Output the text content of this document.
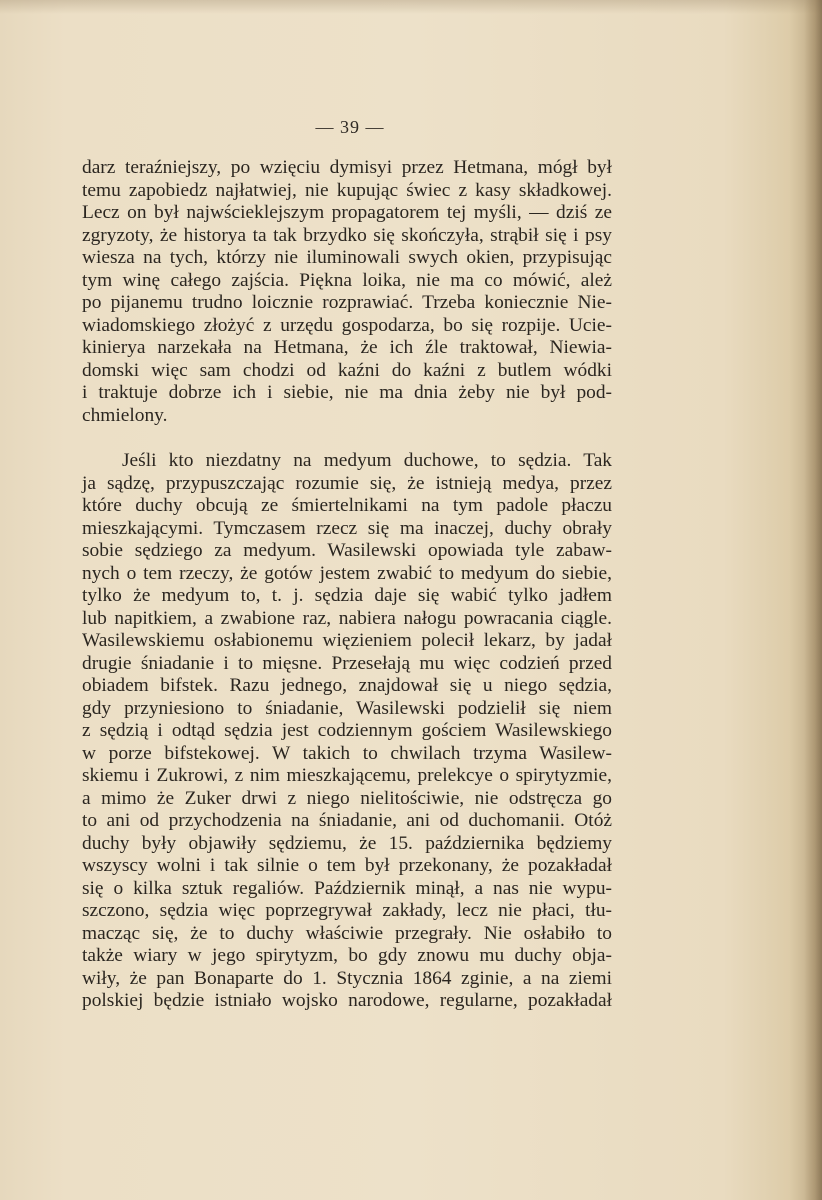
— 39 —
darz teraźniejszy, po wzięciu dymisyi przez Hetmana, mógł był
temu zapobiedz najłatwiej, nie kupując świec z kasy składkowej.
Lecz on był najwścieklejszym propagatorem tej myśli, — dziś ze
zgryzoty, że historya ta tak brzydko się skończyła, strąbił się i psy
wiesza na tych, którzy nie iluminowali swych okien, przypisując
tym winę całego zajścia. Piękna loika, nie ma co mówić, ależ
po pijanemu trudno loicznie rozprawiać. Trzeba koniecznie Nie-
wiadomskiego złożyć z urzędu gospodarza, bo się rozpije. Ucie-
kinierya narzekała na Hetmana, że ich źle traktował, Niewia-
domski więc sam chodzi od kaźni do kaźni z butlem wódki
i traktuje dobrze ich i siebie, nie ma dnia żeby nie był pod-
chmielony.
Jeśli kto niezdatny na medyum duchowe, to sędzia. Tak
ja sądzę, przypuszczając rozumie się, że istnieją medya, przez
które duchy obcują ze śmiertelnikami na tym padole płaczu
mieszkającymi. Tymczasem rzecz się ma inaczej, duchy obrały
sobie sędziego za medyum. Wasilewski opowiada tyle zabaw-
nych o tem rzeczy, że gotów jestem zwabić to medyum do siebie,
tylko że medyum to, t. j. sędzia daje się wabić tylko jadłem
lub napitkiem, a zwabione raz, nabiera nałogu powracania ciągle.
Wasilewskiemu osłabionemu więzieniem polecił lekarz, by jadał
drugie śniadanie i to mięsne. Przesełają mu więc codzień przed
obiadem bifstek. Razu jednego, znajdował się u niego sędzia,
gdy przyniesiono to śniadanie, Wasilewski podzielił się niem
z sędzią i odtąd sędzia jest codziennym gościem Wasilewskiego
w porze bifstekowej. W takich to chwilach trzyma Wasilew-
skiemu i Zukrowi, z nim mieszkającemu, prelekcye o spirytyzmie,
a mimo że Zuker drwi z niego nielitościwie, nie odstręcza go
to ani od przychodzenia na śniadanie, ani od duchomanii. Otóż
duchy były objawiły sędziemu, że 15. października będziemy
wszyscy wolni i tak silnie o tem był przekonany, że pozakładał
się o kilka sztuk regaliów. Październik minął, a nas nie wypu-
szczono, sędzia więc poprzegrywał zakłady, lecz nie płaci, tłu-
macząc się, że to duchy właściwie przegrały. Nie osłabiło to
także wiary w jego spirytyzm, bo gdy znowu mu duchy obja-
wiły, że pan Bonaparte do 1. Stycznia 1864 zginie, a na ziemi
polskiej będzie istniało wojsko narodowe, regularne, pozakładał
